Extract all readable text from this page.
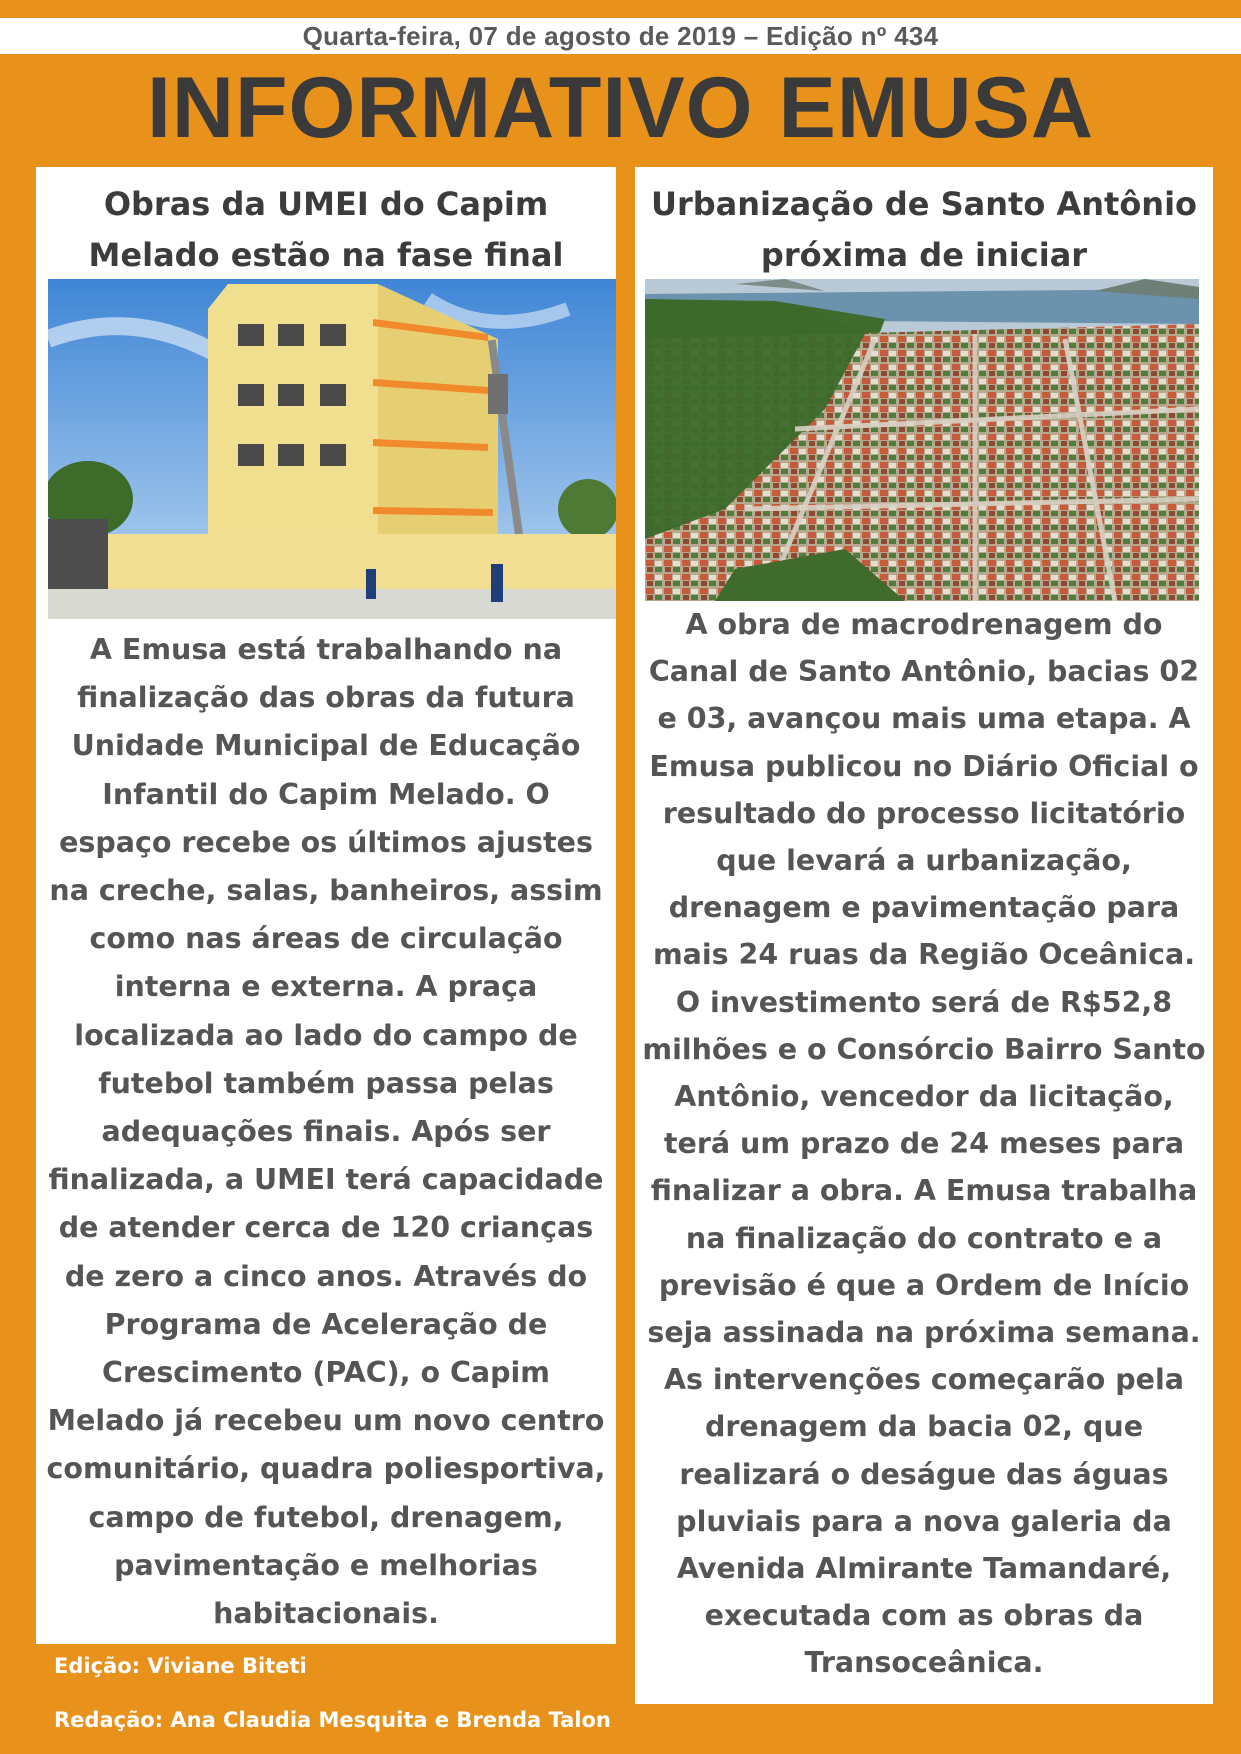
Quarta-feira, 07 de agosto de 2019 – Edição nº 434
INFORMATIVO EMUSA
Obras da UMEI do Capim
Melado estão na fase final
A Emusa está trabalhando na finalização das obras da futura Unidade Municipal de Educação Infantil do Capim Melado. O espaço recebe os últimos ajustes na creche, salas, banheiros, assim como nas áreas de circulação interna e externa. A praça localizada ao lado do campo de futebol também passa pelas adequações finais. Após ser finalizada, a UMEI terá capacidade de atender cerca de 120 crianças de zero a cinco anos. Através do Programa de Aceleração de Crescimento (PAC), o Capim Melado já recebeu um novo centro comunitário, quadra poliesportiva, campo de futebol, drenagem, pavimentação e melhorias habitacionais.
Urbanização de Santo Antônio
próxima de iniciar
A obra de macrodrenagem do Canal de Santo Antônio, bacias 02 e 03, avançou mais uma etapa. A Emusa publicou no Diário Oficial o resultado do processo licitatório que levará a urbanização, drenagem e pavimentação para mais 24 ruas da Região Oceânica. O investimento será de R$52,8 milhões e o Consórcio Bairro Santo Antônio, vencedor da licitação, terá um prazo de 24 meses para finalizar a obra. A Emusa trabalha na finalização do contrato e a previsão é que a Ordem de Início seja assinada na próxima semana. As intervenções começarão pela drenagem da bacia 02, que realizará o deságue das águas pluviais para a nova galeria da Avenida Almirante Tamandaré, executada com as obras da Transoceânica.
Edição: Viviane Biteti
Redação: Ana Claudia Mesquita e Brenda Talon
